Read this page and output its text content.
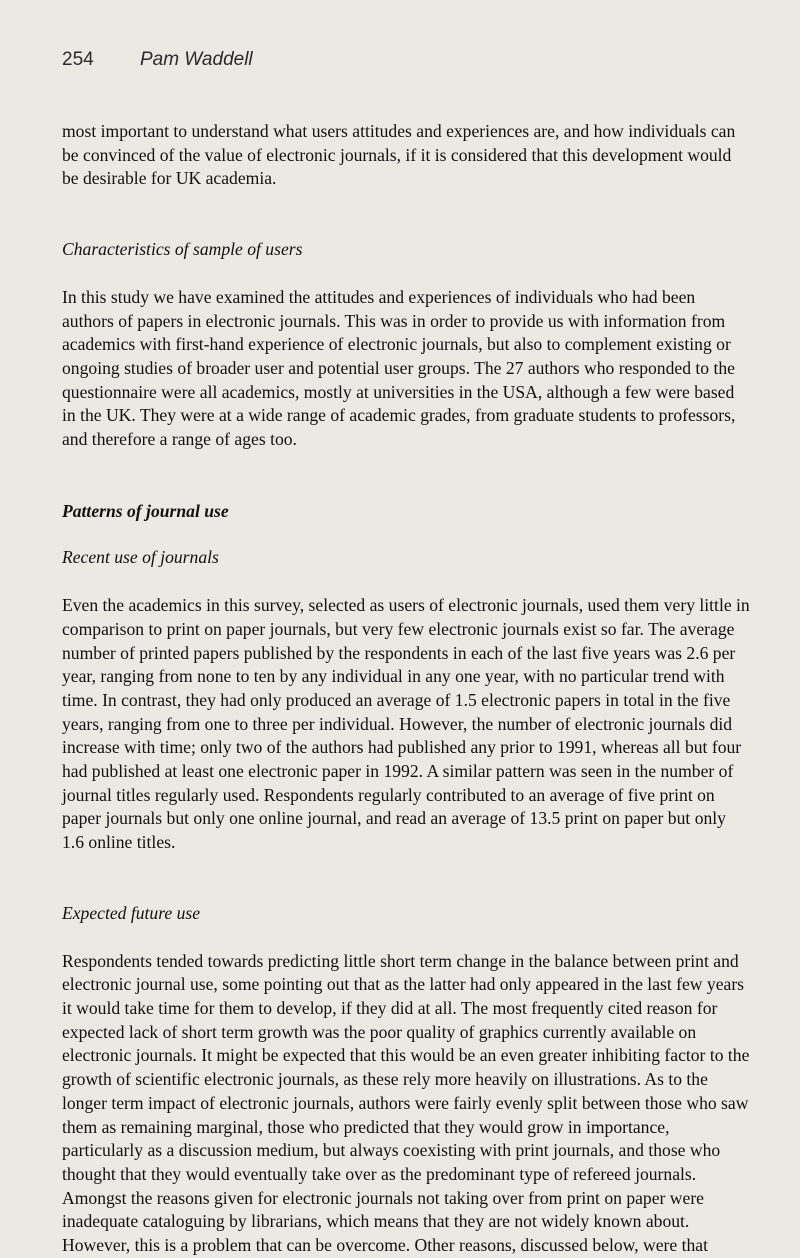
254 Pam Waddell

most important to understand what users attitudes and experiences are, and how individuals can be convinced of the value of electronic journals, if it is considered that this development would be desirable for UK academia.

Characteristics of sample of users

In this study we have examined the attitudes and experiences of individuals who had been authors of papers in electronic journals. This was in order to provide us with information from academics with first-hand experience of electronic journals, but also to complement existing or ongoing studies of broader user and potential user groups. The 27 authors who responded to the questionnaire were all academics, mostly at universities in the USA, although a few were based in the UK. They were at a wide range of academic grades, from graduate students to professors, and therefore a range of ages too.

Patterns of journal use
Recent use of journals

Even the academics in this survey, selected as users of electronic journals, used them very little in comparison to print on paper journals, but very few electronic journals exist so far. The average number of printed papers published by the respondents in each of the last five years was 2.6 per year, ranging from none to ten by any individual in any one year, with no particular trend with time. In contrast, they had only produced an average of 1.5 electronic papers in total in the five years, ranging from one to three per individual. However, the number of electronic journals did increase with time; only two of the authors had published any prior to 1991, whereas all but four had published at least one electronic paper in 1992. A similar pattern was seen in the number of journal titles regularly used. Respondents regularly contributed to an average of five print on paper journals but only one online journal, and read an average of 13.5 print on paper but only 1.6 online titles.

Expected future use

Respondents tended towards predicting little short term change in the balance between print and electronic journal use, some pointing out that as the latter had only appeared in the last few years it would take time for them to develop, if they did at all. The most frequently cited reason for expected lack of short term growth was the poor quality of graphics currently available on electronic journals. It might be expected that this would be an even greater inhibiting factor to the growth of scientific electronic journals, as these rely more heavily on illustrations. As to the longer term impact of electronic journals, authors were fairly evenly split between those who saw them as remaining marginal, those who predicted that they would grow in importance, particularly as a discussion medium, but always coexisting with print journals, and those who thought that they would eventually take over as the predominant type of refereed journals. Amongst the reasons given for electronic journals not taking over from print on paper were inadequate cataloguing by librarians, which means that they are not widely known about. However, this is a problem that can be overcome. Other reasons, discussed below, were that
